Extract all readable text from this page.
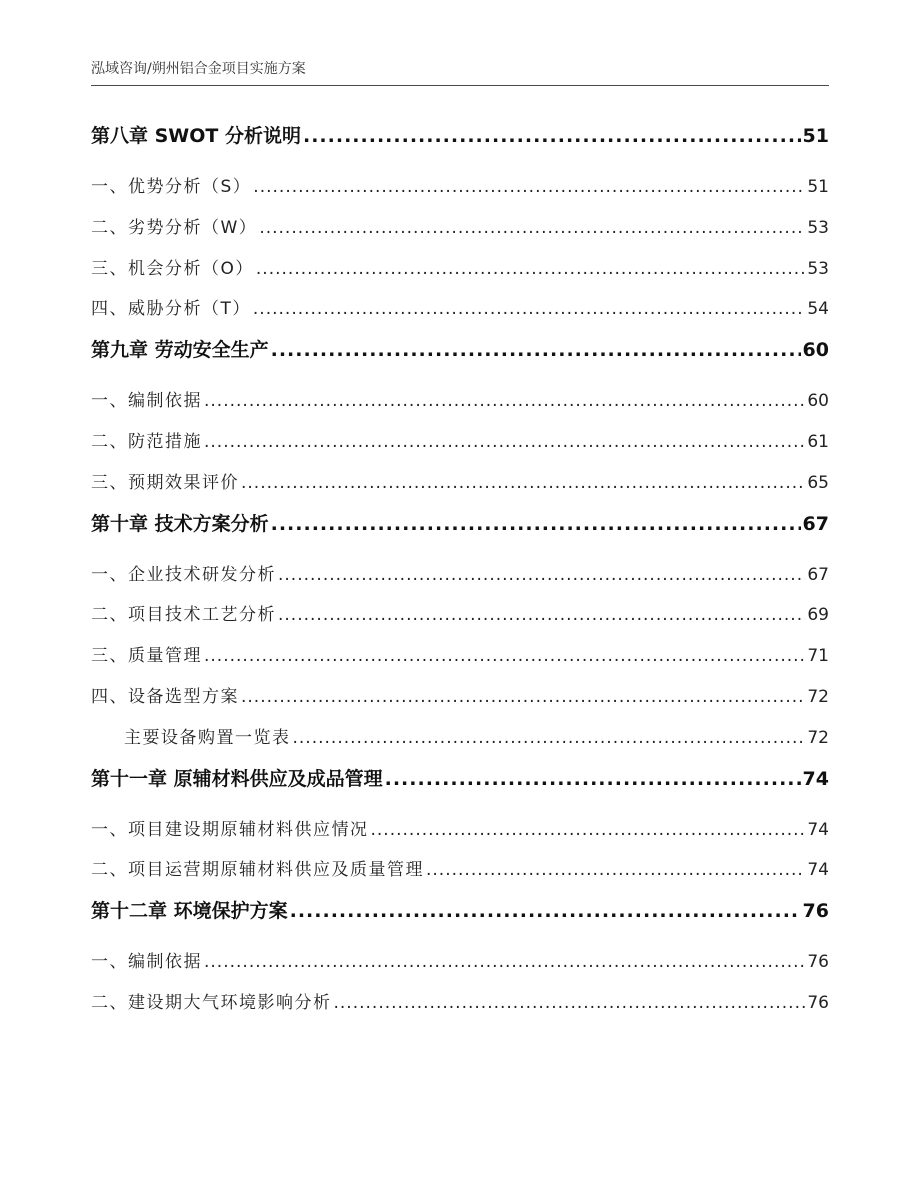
泓域咨询/朔州铝合金项目实施方案
第八章 SWOT 分析说明 .....	51
一、 优势分析（S） .....	51
二、 劣势分析（W） .....	53
三、 机会分析（O） .....	53
四、 威胁分析（T） .....	54
第九章 劳动安全生产 .....	60
一、 编制依据 .....	60
二、 防范措施 .....	61
三、 预期效果评价 .....	65
第十章 技术方案分析 .....	67
一、 企业技术研发分析 .....	67
二、 项目技术工艺分析 .....	69
三、 质量管理 .....	71
四、 设备选型方案 .....	72
主要设备购置一览表 .....	72
第十一章 原辅材料供应及成品管理 .....	74
一、 项目建设期原辅材料供应情况 .....	74
二、 项目运营期原辅材料供应及质量管理 .....	74
第十二章 环境保护方案 .....	76
一、 编制依据 .....	76
二、 建设期大气环境影响分析 .....	76
